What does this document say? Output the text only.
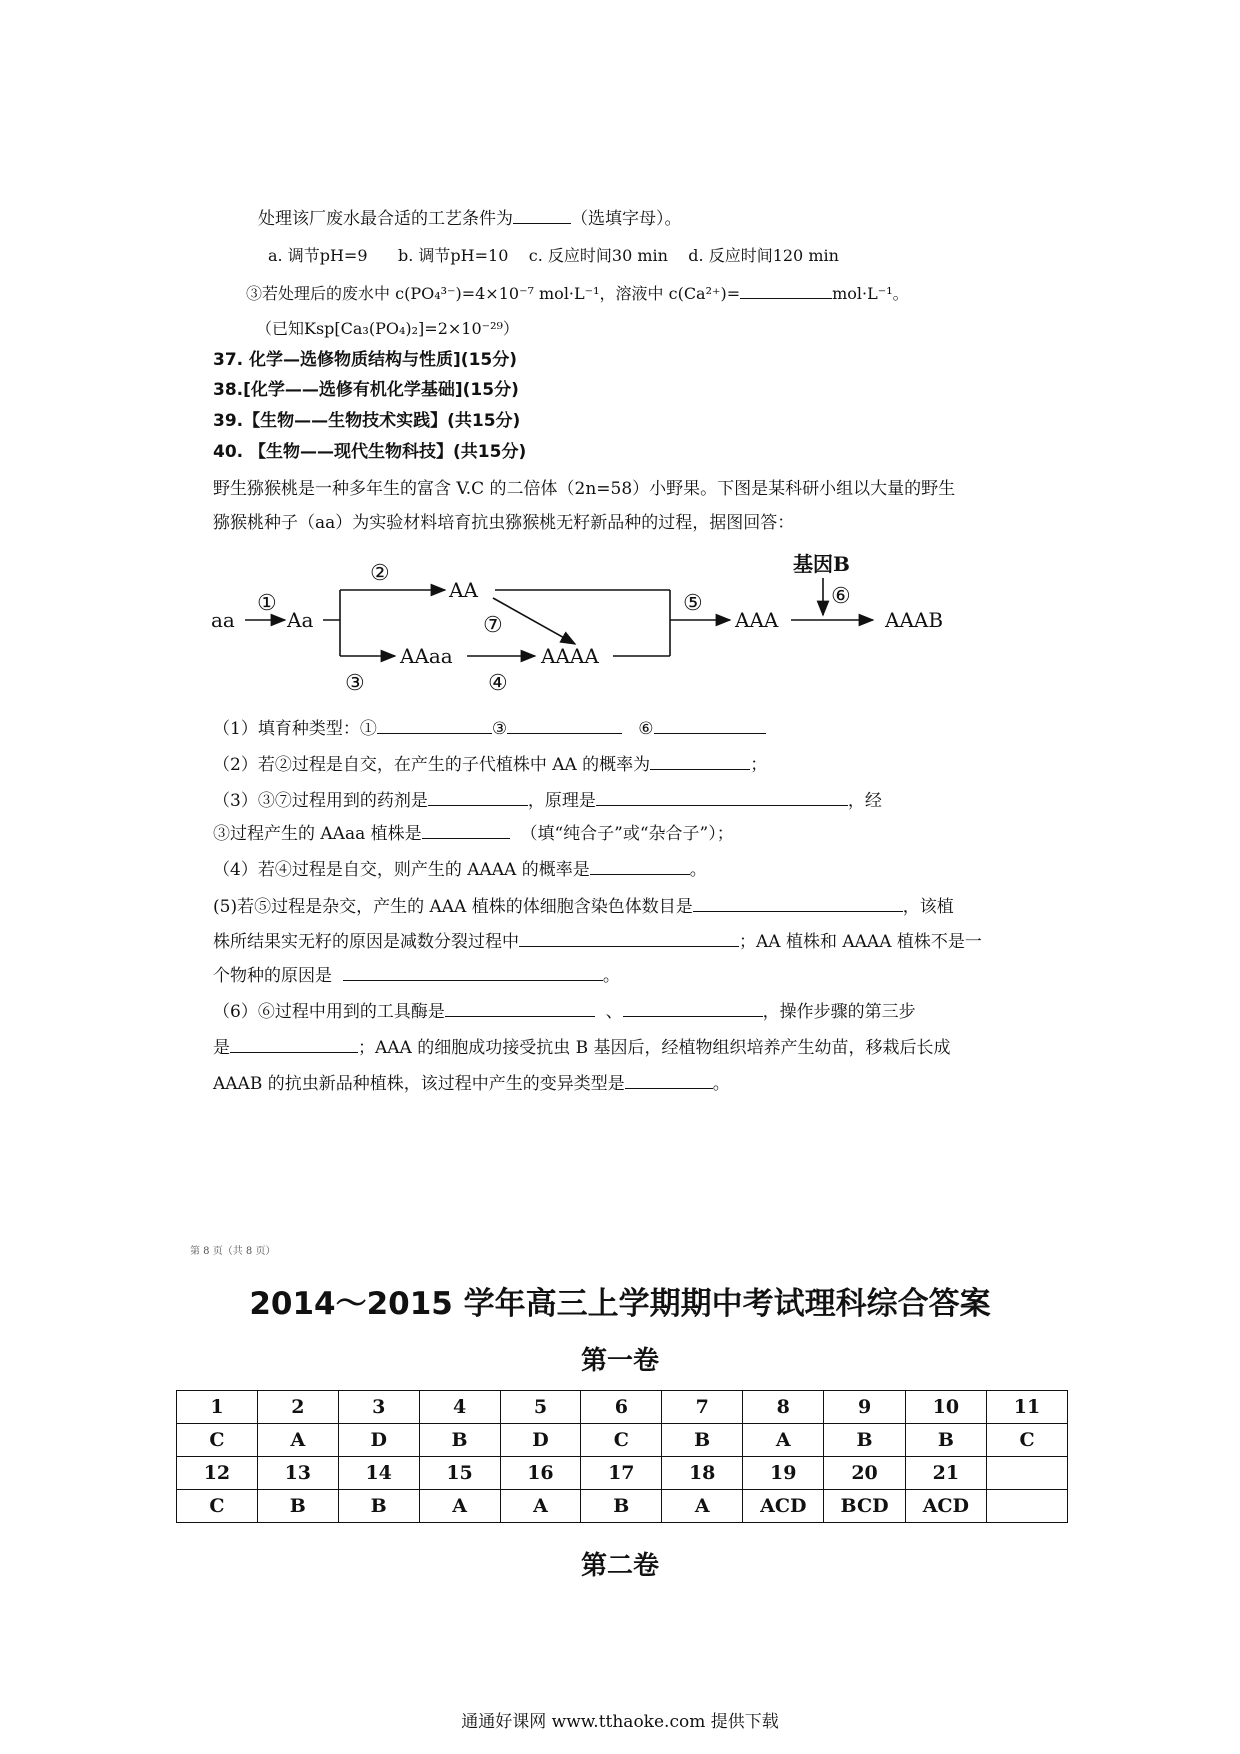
处理该厂废水最合适的工艺条件为	（选填字母）。
a. 调节pH=9 b. 调节pH=10 c. 反应时间30 min d. 反应时间120 min
③若处理后的废水中 c(PO₄³⁻)=4×10⁻⁷ mol·L⁻¹，溶液中 c(Ca²⁺)=	mol·L⁻¹。
（已知Ksp[Ca₃(PO₄)₂]=2×10⁻²⁹）
37. 化学—选修物质结构与性质](15分)
38.[化学——选修有机化学基础](15分)
39.【生物——生物技术实践】(共15分)
40. 【生物——现代生物科技】(共15分)
野生猕猴桃是一种多年生的富含 V.C 的二倍体（2n=58）小野果。下图是某科研小组以大量的野生
猕猴桃种子（aa）为实验材料培育抗虫猕猴桃无籽新品种的过程，据图回答：
aa	Aa
AA
AAaa	AAAA
AAA	AAAB
基因B
①
②
③	④
⑤	⑥
⑦
（1）填育种类型：①	③	⑥
（2）若②过程是自交，在产生的子代植株中 AA 的概率为	；
（3）③⑦过程用到的药剂是	，原理是	，经
③过程产生的 AAaa 植株是	（填“纯合子”或“杂合子”）；
（4）若④过程是自交，则产生的 AAAA 的概率是	。
(5)若⑤过程是杂交，产生的 AAA 植株的体细胞含染色体数目是	，该植
株所结果实无籽的原因是减数分裂过程中	；AA 植株和 AAAA 植株不是一
个物种的原因是	。
（6）⑥过程中用到的工具酶是	、	，操作步骤的第三步
是	；AAA 的细胞成功接受抗虫 B 基因后，经植物组织培养产生幼苗，移栽后长成
AAAB 的抗虫新品种植株，该过程中产生的变异类型是	。
第 8 页（共 8 页）
2014～2015 学年高三上学期期中考试理科综合答案
第一卷
1	2	3	4	5	6	7	8	9	10	11
C	A	D	B	D	C	B	A	B	B	C
12	13	14	15	16	17	18	19	20	21	
C	B	B	A	A	B	A	ACD	BCD	ACD	
第二卷
通通好课网 www.tthaoke.com 提供下载
